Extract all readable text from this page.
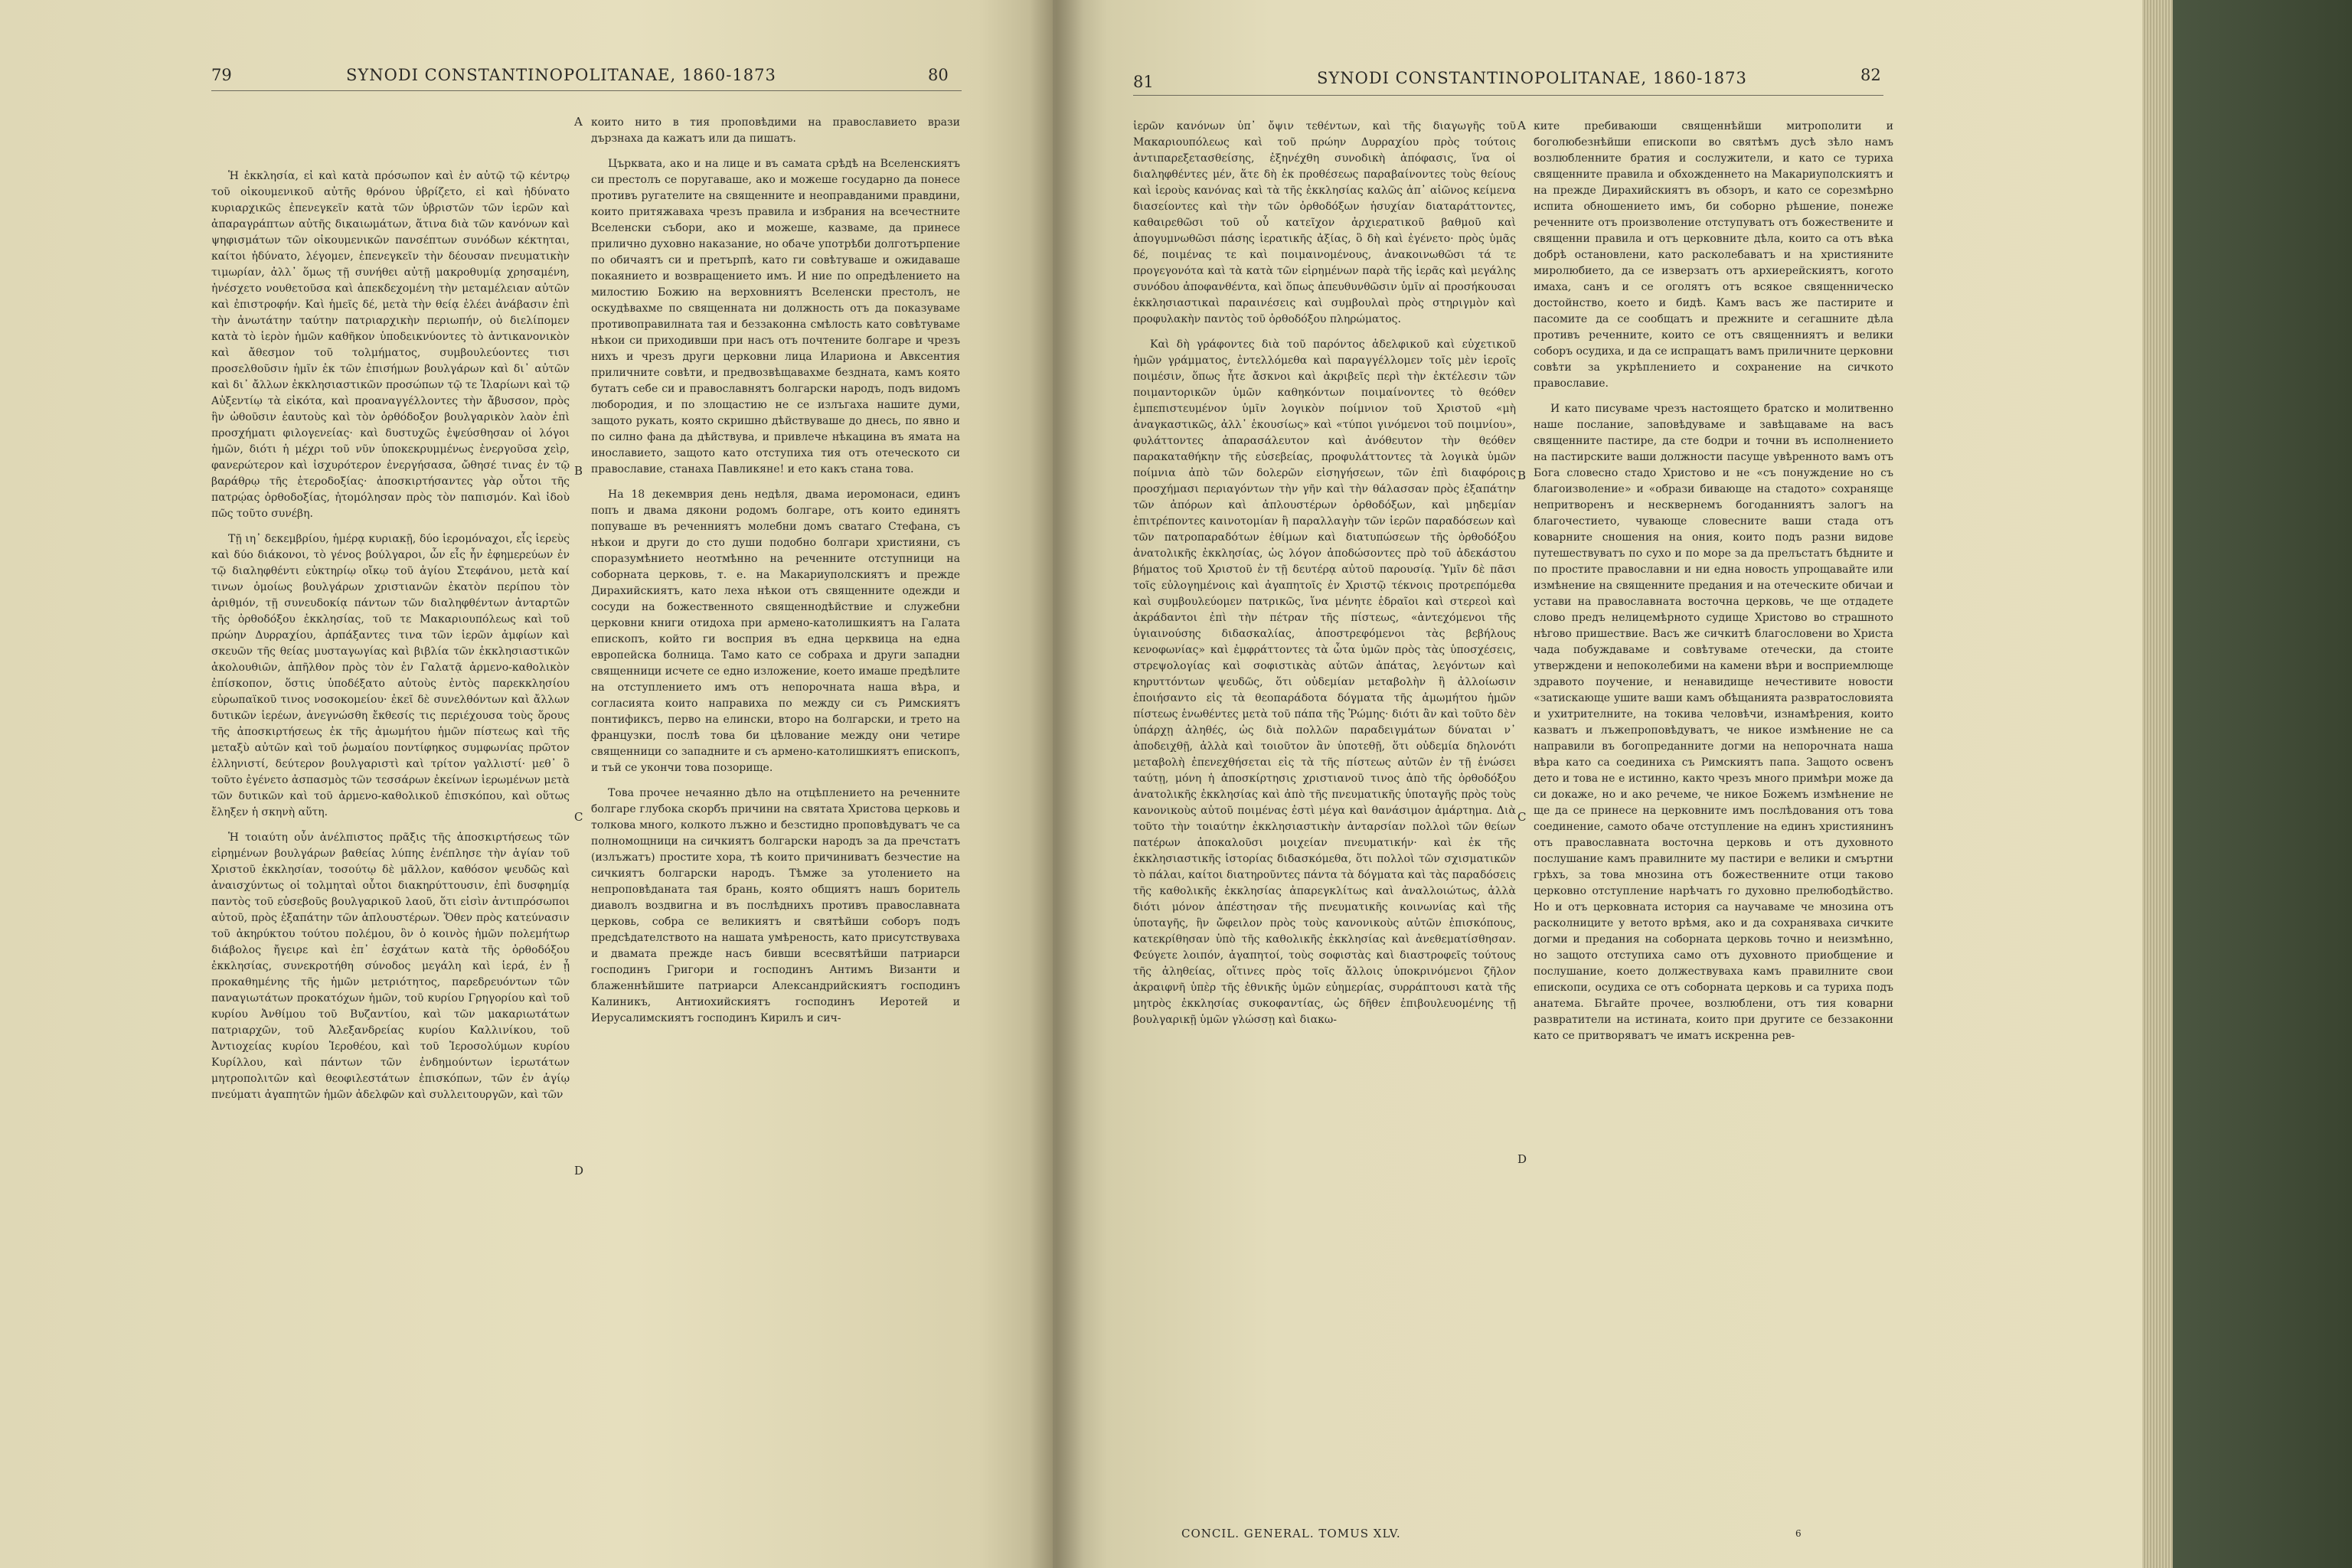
79	SYNODI CONSTANTINOPOLITANAE, 1860-1873	80

Ἡ ἐκκλησία, εἰ καὶ κατὰ πρόσωπον καὶ ἐν αὐτῷ τῷ κέντρῳ τοῦ οἰκουμενικοῦ αὐτῆς θρόνου ὑβρίζετο, εἰ καὶ ἠδύνατο κυριαρχικῶς ἐπενεγκεῖν κατὰ τῶν ὑβριστῶν τῶν ἱερῶν καὶ ἀπαραγράπτων αὐτῆς δικαιωμάτων, ἅτινα διὰ τῶν κανόνων καὶ ψηφισμάτων τῶν οἰκουμενικῶν πανσέπτων συνόδων κέκτηται, καίτοι ἠδύνατο, λέγομεν, ἐπενεγκεῖν τὴν δέουσαν πνευματικὴν τιμωρίαν, ἀλλ᾽ ὅμως τῇ συνήθει αὐτῇ μακροθυμίᾳ χρησαμένη, ἠνέσχετο νουθετοῦσα καὶ ἀπεκδεχομένη τὴν μεταμέλειαν αὐτῶν καὶ ἐπιστροφήν. Καὶ ἡμεῖς δέ, μετὰ τὴν θείᾳ ἐλέει ἀνάβασιν ἐπὶ τὴν ἀνωτάτην ταύτην πατριαρχικὴν περιωπήν, οὐ διελίπομεν κατὰ τὸ ἱερὸν ἡμῶν καθῆκον ὑποδεικνύοντες τὸ ἀντικανονικὸν καὶ ἄθεσμον τοῦ τολμήματος, συμβουλεύοντες τισι προσελθοῦσιν ἡμῖν ἐκ τῶν ἐπισήμων βουλγάρων καὶ δι᾽ αὐτῶν καὶ δι᾽ ἄλλων ἐκκλησιαστικῶν προσώπων τῷ τε Ἱλαρίωνι καὶ τῷ Αὐξεντίῳ τὰ εἰκότα, καὶ προαναγγέλλοντες τὴν ἄβυσσον, πρὸς ἣν ὠθοῦσιν ἑαυτοὺς καὶ τὸν ὀρθόδοξον βουλγαρικὸν λαὸν ἐπὶ προσχήματι φιλογενείας· καὶ δυστυχῶς ἐψεύσθησαν οἱ λόγοι ἡμῶν, διότι ἡ μέχρι τοῦ νῦν ὑποκεκρυμμένως ἐνεργοῦσα χεὶρ, φανερώτερον καὶ ἰσχυρότερον ἐνεργήσασα, ὤθησέ τινας ἐν τῷ βαράθρῳ τῆς ἑτεροδοξίας· ἀποσκιρτήσαντες γὰρ οὗτοι τῆς πατρῴας ὀρθοδοξίας, ἠτομόλησαν πρὸς τὸν παπισμόν. Καὶ ἰδοὺ πῶς τοῦτο συνέβη.

Τῇ ιη᾽ δεκεμβρίου, ἡμέρᾳ κυριακῇ, δύο ἱερομόναχοι, εἷς ἱερεὺς καὶ δύο διάκονοι, τὸ γένος βούλγαροι, ὧν εἷς ἦν ἐφημερεύων ἐν τῷ διαληφθέντι εὐκτηρίῳ οἴκῳ τοῦ ἁγίου Στεφάνου, μετὰ καί τινων ὁμοίως βουλγάρων χριστιανῶν ἑκατὸν περίπου τὸν ἀριθμόν, τῇ συνευδοκίᾳ πάντων τῶν διαληφθέντων ἀνταρτῶν τῆς ὀρθοδόξου ἐκκλησίας, τοῦ τε Μακαριουπόλεως καὶ τοῦ πρώην Δυρραχίου, ἀρπάξαντες τινα τῶν ἱερῶν ἀμφίων καὶ σκευῶν τῆς θείας μυσταγωγίας καὶ βιβλία τῶν ἐκκλησιαστικῶν ἀκολουθιῶν, ἀπῆλθον πρὸς τὸν ἐν Γαλατᾷ ἀρμενο-καθολικὸν ἐπίσκοπον, ὅστις ὑποδέξατο αὐτοὺς ἐντὸς παρεκκλησίου εὐρωπαϊκοῦ τινος νοσοκομείου· ἐκεῖ δὲ συνελθόντων καὶ ἄλλων δυτικῶν ἱερέων, ἀνεγνώσθη ἔκθεσίς τις περιέχουσα τοὺς ὅρους τῆς ἀποσκιρτήσεως ἐκ τῆς ἀμωμήτου ἡμῶν πίστεως καὶ τῆς μεταξὺ αὐτῶν καὶ τοῦ ῥωμαίου ποντίφηκος συμφωνίας πρῶτον ἑλληνιστί, δεύτερον βουλγαριστὶ καὶ τρίτον γαλλιστί· μεθ᾽ ὃ τοῦτο ἐγένετο ἀσπασμὸς τῶν τεσσάρων ἐκείνων ἱερωμένων μετὰ τῶν δυτικῶν καὶ τοῦ ἀρμενο-καθολικοῦ ἐπισκόπου, καὶ οὕτως ἔληξεν ἡ σκηνὴ αὕτη.

Ἡ τοιαύτη οὖν ἀνέλπιστος πρᾶξις τῆς ἀποσκιρτήσεως τῶν εἰρημένων βουλγάρων βαθείας λύπης ἐνέπλησε τὴν ἁγίαν τοῦ Χριστοῦ ἐκκλησίαν, τοσούτῳ δὲ μᾶλλον, καθόσον ψευδῶς καὶ ἀναισχύντως οἱ τολμηταὶ οὗτοι διακηρύττουσιν, ἐπὶ δυσφημίᾳ παντὸς τοῦ εὐσεβοῦς βουλγαρικοῦ λαοῦ, ὅτι εἰσὶν ἀντιπρόσωποι αὐτοῦ, πρὸς ἐξαπάτην τῶν ἁπλουστέρων. Ὅθεν πρὸς κατεύνασιν τοῦ ἀκηρύκτου τούτου πολέμου, ὃν ὁ κοινὸς ἡμῶν πολεμήτωρ διάβολος ἤγειρε καὶ ἐπ᾽ ἐσχάτων κατὰ τῆς ὀρθοδόξου ἐκκλησίας, συνεκροτήθη σύνοδος μεγάλη καὶ ἱερά, ἐν ᾗ προκαθημένης τῆς ἡμῶν μετριότητος, παρεδρευόντων τῶν παναγιωτάτων προκατόχων ἡμῶν, τοῦ κυρίου Γρηγορίου καὶ τοῦ κυρίου Ἀνθίμου τοῦ Βυζαντίου, καὶ τῶν μακαριωτάτων πατριαρχῶν, τοῦ Ἀλεξανδρείας κυρίου Καλλινίκου, τοῦ Ἀντιοχείας κυρίου Ἱεροθέου, καὶ τοῦ Ἱεροσολύμων κυρίου Κυρίλλου, καὶ πάντων τῶν ἐνδημούντων ἱερωτάτων μητροπολιτῶν καὶ θεοφιλεστάτων ἐπισκόπων, τῶν ἐν ἁγίῳ πνεύματι ἀγαπητῶν ἡμῶν ἀδελφῶν καὶ συλλειτουργῶν, καὶ τῶν

A
B
C
D

които нито в тия проповѣдими на православието врази дързнаха да кажатъ или да пишатъ.

Църквата, ако и на лице и въ самата срѣдѣ на Вселенскиятъ си престолъ се поругаваше, ако и можеше государно да понесе противъ ругателите на священните и неоправданими правдини, които притяжаваха чрезъ правила и избрания на всечестните Вселенски събори, ако и можеше, казваме, да принесе прилично духовно наказание, но обаче употрѣби долготърпение по обичаятъ си и претърпѣ, като ги совѣтуваше и ожидаваше покаянието и возвращението имъ. И ние по опредѣлението на милостию Божию на верховниятъ Вселенски престолъ, не оскудѣвахме по священната ни должность отъ да показуваме противоправилната тая и беззаконна смѣлость като совѣтуваме нѣкои си приходивши при насъ отъ почтените болгаре и чрезъ нихъ и чрезъ други церковни лица Илариона и Авксентия приличните совѣти, и предвозвѣщавахме бездната, камъ която бутатъ себе си и православнятъ болгарски народъ, подъ видомъ любородия, и по злощастию не се излъгаха нашите думи, защото рукать, която скришно дѣйствуваше до днесь, по явно и по силно фана да дѣйствува, и привлече нѣкацина въ ямата на инославието, защото като отступиха тия отъ отеческото си православие, станаха Павликяне! и ето какъ стана това.

На 18 декемврия день недѣля, двама иеромонаси, единъ попъ и двама дякони родомъ болгаре, отъ които единятъ попуваше въ реченниятъ молебни домъ сватаго Стефана, съ нѣкои и други до сто души подобно болгари християни, съ споразумѣнието неотмѣнно на реченните отступници на соборната церковь, т. е. на Макариуполскиятъ и прежде Дирахийскиятъ, като леха нѣкои отъ священните одежди и сосуди на божественното священнодѣйствие и служебни церковни книги отидоха при армено-католишкиятъ на Галата епископъ, който ги восприя въ една церквица на една европейска болница. Тамо като се собраха и други западни священници исчете се едно изложение, което имаше предѣлите на отступлението имъ отъ непорочната наша вѣра, и согласията които направиха по между си съ Римскиятъ понтификсъ, перво на елински, второ на болгарски, и трето на французки, послѣ това би цѣлованиe между они четире священници со западните и съ армено-католишкиятъ епископъ, и тъй се укончи това позорище.

Това прочее нечаянно дѣло на отцѣплението на реченните болгаре глубока скорбъ причини на святата Христова церковь и толкова много, колкото лъжно и безстидно проповѣдуватъ че са полномощници на сичкиятъ болгарски народъ за да пречстатъ (излъжатъ) простите хора, тѣ които причиниватъ безчестие на сичкиятъ болгарски народъ. Тѣмже за утолението на непроповѣданата тая брань, която общиятъ нашъ боритель диаволъ воздвигна и въ послѣднихъ противъ православната церковь, собра се великиятъ и святѣйши соборъ подъ предсѣдателството на нашата умѣреность, като присутствуваха и двамата прежде насъ бивши всесвятѣйши патриарси господинъ Григори и господинъ Антимъ Византи и блаженнѣйшите патриарси Александрийскиятъ господинъ Калиникъ, Антиохийскиятъ господинъ Иеротей и Иерусалимскиятъ господинъ Кирилъ и сич-

81	SYNODI CONSTANTINOPOLITANAE, 1860-1873	82

ἱερῶν κανόνων ὑπ᾽ ὄψιν τεθέντων, καὶ τῆς διαγωγῆς τοῦ Μακαριουπόλεως καὶ τοῦ πρώην Δυρραχίου πρὸς τούτοις ἀντιπαρεξετασθείσης, ἐξηνέχθη συνοδικὴ ἀπόφασις, ἵνα οἱ διαληφθέντες μέν, ἅτε δὴ ἐκ προθέσεως παραβαίνοντες τοὺς θείους καὶ ἱεροὺς κανόνας καὶ τὰ τῆς ἐκκλησίας καλῶς ἀπ᾽ αἰῶνος κείμενα διασείοντες καὶ τὴν τῶν ὀρθοδόξων ἡσυχίαν διαταράττοντες, καθαιρεθῶσι τοῦ οὗ κατεῖχον ἀρχιερατικοῦ βαθμοῦ καὶ ἀπογυμνωθῶσι πάσης ἱερατικῆς ἀξίας, ὃ δὴ καὶ ἐγένετο· πρὸς ὑμᾶς δέ, ποιμένας τε καὶ ποιμαινομένους, ἀνακοινωθῶσι τά τε προγεγονότα καὶ τὰ κατὰ τῶν εἰρημένων παρὰ τῆς ἱερᾶς καὶ μεγάλης συνόδου ἀποφανθέντα, καὶ ὅπως ἀπευθυνθῶσιν ὑμῖν αἱ προσήκουσαι ἐκκλησιαστικαὶ παραινέσεις καὶ συμβουλαὶ πρὸς στηριγμὸν καὶ προφυλακὴν παντὸς τοῦ ὀρθοδόξου πληρώματος.

Καὶ δὴ γράφοντες διὰ τοῦ παρόντος ἀδελφικοῦ καὶ εὐχετικοῦ ἡμῶν γράμματος, ἐντελλόμεθα καὶ παραγγέλλομεν τοῖς μὲν ἱεροῖς ποιμέσιν, ὅπως ἦτε ἄσκνοι καὶ ἀκριβεῖς περὶ τὴν ἐκτέλεσιν τῶν ποιμαντορικῶν ὑμῶν καθηκόντων ποιμαίνοντες τὸ θεόθεν ἐμπεπιστευμένον ὑμῖν λογικὸν ποίμνιον τοῦ Χριστοῦ «μὴ ἀναγκαστικῶς, ἀλλ᾽ ἑκουσίως» καὶ «τύποι γινόμενοι τοῦ ποιμνίου», φυλάττοντες ἀπαρασάλευτον καὶ ἀνόθευτον τὴν θεόθεν παρακαταθήκην τῆς εὐσεβείας, προφυλάττοντες τὰ λογικὰ ὑμῶν ποίμνια ἀπὸ τῶν δολερῶν εἰσηγήσεων, τῶν ἐπὶ διαφόροις προσχήμασι περιαγόντων τὴν γῆν καὶ τὴν θάλασσαν πρὸς ἐξαπάτην τῶν ἀπόρων καὶ ἁπλουστέρων ὀρθοδόξων, καὶ μηδεμίαν ἐπιτρέποντες καινοτομίαν ἢ παραλλαγὴν τῶν ἱερῶν παραδόσεων καὶ τῶν πατροπαραδότων ἐθίμων καὶ διατυπώσεων τῆς ὀρθοδόξου ἀνατολικῆς ἐκκλησίας, ὡς λόγον ἀποδώσοντες πρὸ τοῦ ἀδεκάστου βήματος τοῦ Χριστοῦ ἐν τῇ δευτέρᾳ αὐτοῦ παρουσίᾳ. Ὑμῖν δὲ πᾶσι τοῖς εὐλογημένοις καὶ ἀγαπητοῖς ἐν Χριστῷ τέκνοις προτρεπόμεθα καὶ συμβουλεύομεν πατρικῶς, ἵνα μένητε ἑδραῖοι καὶ στερεοὶ καὶ ἀκράδαντοι ἐπὶ τὴν πέτραν τῆς πίστεως, «ἀντεχόμενοι τῆς ὑγιαινούσης διδασκαλίας, ἀποστρεφόμενοι τὰς βεβήλους κενοφωνίας» καὶ ἐμφράττοντες τὰ ὦτα ὑμῶν πρὸς τὰς ὑποσχέσεις, στρεψολογίας καὶ σοφιστικὰς αὐτῶν ἀπάτας, λεγόντων καὶ κηρυττόντων ψευδῶς, ὅτι οὐδεμίαν μεταβολὴν ἢ ἀλλοίωσιν ἐποιήσαντο εἰς τὰ θεοπαράδοτα δόγματα τῆς ἀμωμήτου ἡμῶν πίστεως ἑνωθέντες μετὰ τοῦ πάπα τῆς Ῥώμης· διότι ἂν καὶ τοῦτο δὲν ὑπάρχῃ ἀληθές, ὡς διὰ πολλῶν παραδειγμάτων δύναται ν᾽ ἀποδειχθῇ, ἀλλὰ καὶ τοιοῦτον ἂν ὑποτεθῇ, ὅτι οὐδεμία δηλονότι μεταβολὴ ἐπενεχθήσεται εἰς τὰ τῆς πίστεως αὐτῶν ἐν τῇ ἑνώσει ταύτῃ, μόνη ἡ ἀποσκίρτησις χριστιανοῦ τινος ἀπὸ τῆς ὀρθοδόξου ἀνατολικῆς ἐκκλησίας καὶ ἀπὸ τῆς πνευματικῆς ὑποταγῆς πρὸς τοὺς κανονικοὺς αὐτοῦ ποιμένας ἐστὶ μέγα καὶ θανάσιμον ἁμάρτημα. Διὰ τοῦτο τὴν τοιαύτην ἐκκλησιαστικὴν ἀνταρσίαν πολλοὶ τῶν θείων πατέρων ἀποκαλοῦσι μοιχείαν πνευματικήν· καὶ ἐκ τῆς ἐκκλησιαστικῆς ἱστορίας διδασκόμεθα, ὅτι πολλοὶ τῶν σχισματικῶν τὸ πάλαι, καίτοι διατηροῦντες πάντα τὰ δόγματα καὶ τὰς παραδόσεις τῆς καθολικῆς ἐκκλησίας ἀπαρεγκλίτως καὶ ἀναλλοιώτως, ἀλλὰ διότι μόνον ἀπέστησαν τῆς πνευματικῆς κοινωνίας καὶ τῆς ὑποταγῆς, ἣν ὤφειλον πρὸς τοὺς κανονικοὺς αὐτῶν ἐπισκόπους, κατεκρίθησαν ὑπὸ τῆς καθολικῆς ἐκκλησίας καὶ ἀνεθεματίσθησαν. Φεύγετε λοιπόν, ἀγαπητοί, τοὺς σοφιστὰς καὶ διαστροφεῖς τούτους τῆς ἀληθείας, οἵτινες πρὸς τοῖς ἄλλοις ὑποκρινόμενοι ζῆλον ἀκραιφνῆ ὑπὲρ τῆς ἐθνικῆς ὑμῶν εὐημερίας, συρράπτουσι κατὰ τῆς μητρὸς ἐκκλησίας συκοφαντίας, ὡς δῆθεν ἐπιβουλευομένης τῇ βουλγαρικῇ ὑμῶν γλώσσῃ καὶ διακω-

A
B
C
D

ките пребиваюши священнѣйши митрополити и боголюбезнѣйши епископи во святѣмъ дусѣ зѣло намъ возлюбленните братия и сослужители, и като се туриха священните правила и обхожденнето на Макариуполскиятъ и на прежде Дирахийскиятъ въ обзоръ, и като се сорезмѣрно испита обношението имъ, би соборно рѣшение, понеже реченните отъ произволение отступуватъ отъ божествените и священни правила и отъ церковните дѣла, които са отъ вѣка добрѣ остановлени, като расколебаватъ и на християните миролюбието, да се изверзатъ отъ архиерейскиятъ, когото имаха, санъ и се оголятъ отъ всякое священническо достойнство, което и бидѣ. Камъ васъ же пастирите и пасомите да се сообщатъ и прежните и сегашните дѣла противъ реченните, които се отъ священниятъ и велики соборъ осудиха, и да се испращатъ вамъ приличните церковни совѣти за укрѣплението и сохранение на сичкото православие.

И като писуваме чрезъ настоящето братско и молитвенно наше послание, заповѣдуваме и завѣщаваме на васъ священните пастире, да сте бодри и точни въ исполнението на пастирските ваши должности пасуще увѣренното вамъ отъ Бога словесно стадо Христово и не «съ понуждение но съ благоизволение» и «образи бивающе на стадото» сохраняще непритворенъ и несквернемъ богоданниятъ залогъ на благочестието, чувающе словесните ваши стада отъ коварните сношения на ония, които подъ разни видове путешествуватъ по сухо и по море за да прелъстатъ бѣдните и по простите православни и ни една новость упрощавайте или измѣнение на священните предания и на отеческите обичаи и устави на православната восточна церковь, че ще отдадете слово предъ нелицемѣрното судище Христово во страшното нѣгово пришествие. Васъ же сичкитѣ благословени во Христа чада побуждаваме и совѣтуваме отечески, да стоите утверждени и непоколебими на камени вѣри и восприемлюще здравото поучение, и ненавидище нечестивите новости «затискающе ушите ваши камъ обѣщанията развратословията и ухитрителните, на токива человѣчи, изнамѣрения, които казватъ и лъжепроповѣдуватъ, че никое измѣнение не са направили въ богопреданните догми на непорочната наша вѣра като са соединиха съ Римскиятъ папа. Защото освенъ дето и това не е истинно, както чрезъ много примѣри може да си докаже, но и ако речеме, че никое Божемъ измѣнение не ще да се принесе на церковните имъ послѣдования отъ това соединение, самото обаче отступление на единъ християнинъ отъ православната восточна церковь и отъ духовното послушание камъ правилните му пастири е велики и смъртни грѣхъ, за това мнозина отъ божественните отци таково церковно отступление нарѣчатъ го духовно прелюбодѣйство. Но и отъ церковната история са научаваме че мнозина отъ расколниците у ветото врѣмя, ако и да сохраняваха сичките догми и предания на соборната церковь точно и неизмѣнно, но защото отступиха само отъ духовното приобщение и послушание, което должествуваха камъ правилните свои епископи, осудиха се отъ соборната церковь и са туриха подъ анатема. Бѣгайте прочее, возлюблени, отъ тия коварни развратители на истината, които при другите се беззаконни като се притворяватъ че иматъ искренна рев-

CONCIL. GENERAL. TOMUS XLV.	6
